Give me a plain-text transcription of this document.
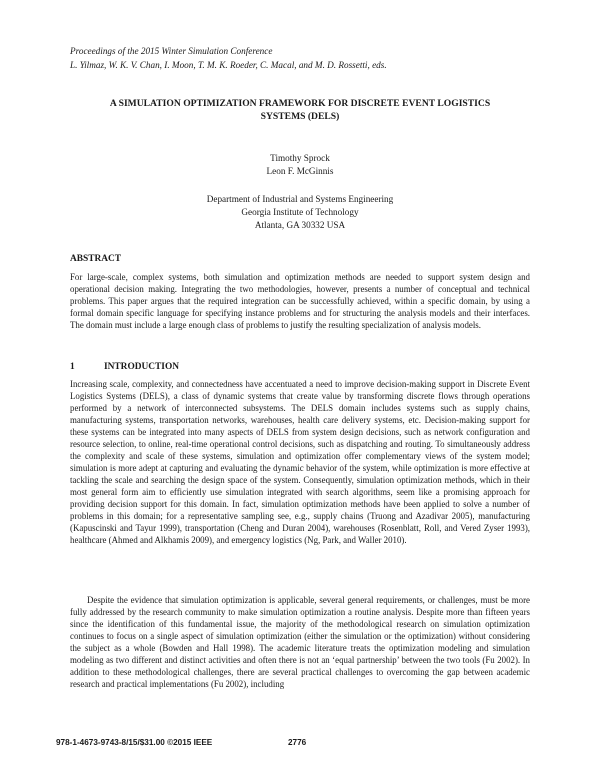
Proceedings of the 2015 Winter Simulation Conference
L. Yilmaz, W. K. V. Chan, I. Moon, T. M. K. Roeder, C. Macal, and M. D. Rossetti, eds.
A SIMULATION OPTIMIZATION FRAMEWORK FOR DISCRETE EVENT LOGISTICS
SYSTEMS (DELS)
Timothy Sprock
Leon F. McGinnis
Department of Industrial and Systems Engineering
Georgia Institute of Technology
Atlanta, GA 30332 USA
ABSTRACT

For large-scale, complex systems, both simulation and optimization methods are needed to support system design and operational decision making. Integrating the two methodologies, however, presents a number of conceptual and technical problems. This paper argues that the required integration can be successfully achieved, within a specific domain, by using a formal domain specific language for specifying instance problems and for structuring the analysis models and their interfaces. The domain must include a large enough class of problems to justify the resulting specialization of analysis models.

1	INTRODUCTION

Increasing scale, complexity, and connectedness have accentuated a need to improve decision-making support in Discrete Event Logistics Systems (DELS), a class of dynamic systems that create value by transforming discrete flows through operations performed by a network of interconnected subsystems. The DELS domain includes systems such as supply chains, manufacturing systems, transportation networks, warehouses, health care delivery systems, etc. Decision-making support for these systems can be integrated into many aspects of DELS from system design decisions, such as network configuration and resource selection, to online, real-time operational control decisions, such as dispatching and routing. To simultaneously address the complexity and scale of these systems, simulation and optimization offer complementary views of the system model; simulation is more adept at capturing and evaluating the dynamic behavior of the system, while optimization is more effective at tackling the scale and searching the design space of the system. Consequently, simulation optimization methods, which in their most general form aim to efficiently use simulation integrated with search algorithms, seem like a promising approach for providing decision support for this domain. In fact, simulation optimization methods have been applied to solve a number of problems in this domain; for a representative sampling see, e.g., supply chains (Truong and Azadivar 2005), manufacturing (Kapuscinski and Tayur 1999), transportation (Cheng and Duran 2004), warehouses (Rosenblatt, Roll, and Vered Zyser 1993), healthcare (Ahmed and Alkhamis 2009), and emergency logistics (Ng, Park, and Waller 2010).

Despite the evidence that simulation optimization is applicable, several general requirements, or challenges, must be more fully addressed by the research community to make simulation optimization a routine analysis. Despite more than fifteen years since the identification of this fundamental issue, the majority of the methodological research on simulation optimization continues to focus on a single aspect of simulation optimization (either the simulation or the optimization) without considering the subject as a whole (Bowden and Hall 1998). The academic literature treats the optimization modeling and simulation modeling as two different and distinct activities and often there is not an ‘equal partnership’ between the two tools (Fu 2002). In addition to these methodological challenges, there are several practical challenges to overcoming the gap between academic research and practical implementations (Fu 2002), including

978-1-4673-9743-8/15/$31.00 ©2015 IEEE	2776
